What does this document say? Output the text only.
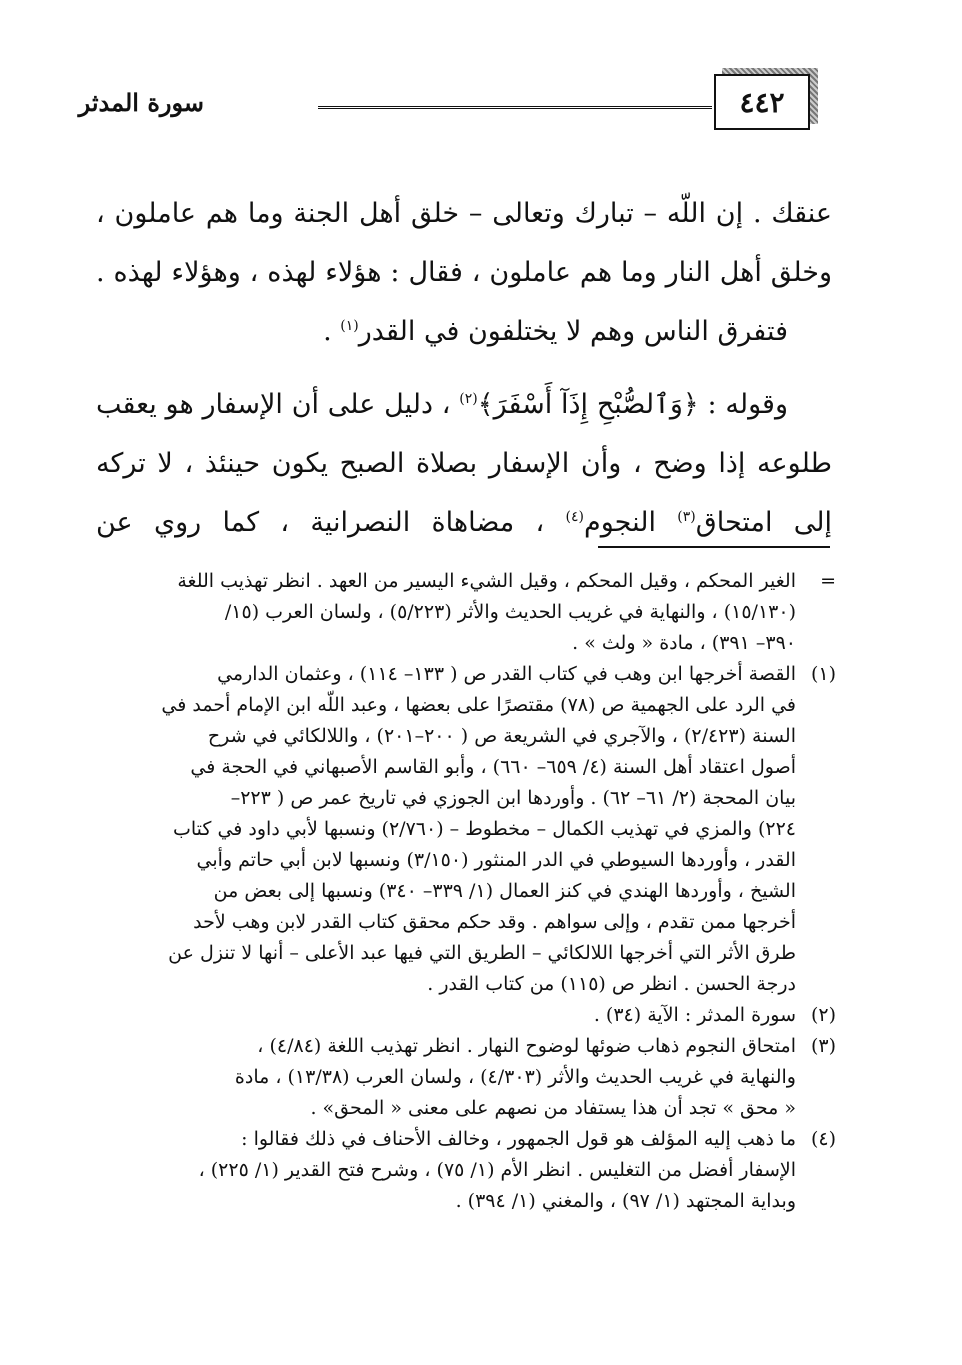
٤٤٢
سورة المدثر

عنقك . إن اللّه – تبارك وتعالى – خلق أهل الجنة وما هم عاملون ،

وخلق أهل النار وما هم عاملون ، فقال : هؤلاء لهذه ، وهؤلاء لهذه .

فتفرق الناس وهم لا يختلفون في القدر$^{(١)}$ .

وقوله : ﴿وَٱلصُّبْحِ إِذَآ أَسْفَرَ﴾$^{(٢)}$ ، دليل على أن الإسفار هو يعقب

طلوعه إذا وضح ، وأن الإسفار بصلاة الصبح يكون حينئذ ، لا تركه

إلى امتحاق$^{(٣)}$ النجوم$^{(٤)}$ ، مضاهاة النصرانية ، كما روي عن

=
الغير المحكم ، وقيل المحكم ، وقيل الشيء اليسير من العهد . انظر تهذيب اللغة
(١٥/١٣٠) ، والنهاية في غريب الحديث والأثر (٥/٢٢٣) ، ولسان العرب (١٥/
٣٩٠– ٣٩١) ، مادة « ولث » .
(١)
القصة أخرجها ابن وهب في كتاب القدر ص ( ١٣٣– ١١٤) ، وعثمان الدارمي
في الرد على الجهمية ص (٧٨) مقتصرًا على بعضها ، وعبد اللّه ابن الإمام أحمد في
السنة (٢/٤٢٣) ، والآجري في الشريعة ص ( ٢٠٠–٢٠١) ، واللالكائي في شرح
أصول اعتقاد أهل السنة (٤/ ٦٥٩– ٦٦٠) ، وأبو القاسم الأصبهاني في الحجة في
بيان المحجة (٢/ ٦١– ٦٢) . وأوردها ابن الجوزي في تاريخ عمر ص ( ٢٢٣–
٢٢٤) والمزي في تهذيب الكمال – مخطوط – (٢/٧٦٠) ونسبها لأبي داود في كتاب
القدر ، وأوردها السيوطي في الدر المنثور (٣/١٥٠) ونسبها لابن أبي حاتم وأبي
الشيخ ، وأوردها الهندي في كنز العمال (١/ ٣٣٩– ٣٤٠) ونسبها إلى بعض من
أخرجها ممن تقدم ، وإلى سواهم . وقد حكم محقق كتاب القدر لابن وهب لأحد
طرق الأثر التي أخرجها اللالكائي – الطريق التي فيها عبد الأعلى – أنها لا تنزل عن
درجة الحسن . انظر ص (١١٥) من كتاب القدر .
(٢)
سورة المدثر : الآية (٣٤) .
(٣)
امتحاق النجوم ذهاب ضوئها لوضوح النهار . انظر تهذيب اللغة (٤/٨٤) ،
والنهاية في غريب الحديث والأثر (٤/٣٠٣) ، ولسان العرب (١٣/٣٨) ، مادة
« محق » تجد أن هذا يستفاد من نصهم على معنى « المحق» .
(٤)
ما ذهب إليه المؤلف هو قول الجمهور ، وخالف الأحناف في ذلك فقالوا :
الإسفار أفضل من التغليس . انظر الأم (١/ ٧٥) ، وشرح فتح القدير (١/ ٢٢٥) ،
وبداية المجتهد (١/ ٩٧) ، والمغني (١/ ٣٩٤) .
